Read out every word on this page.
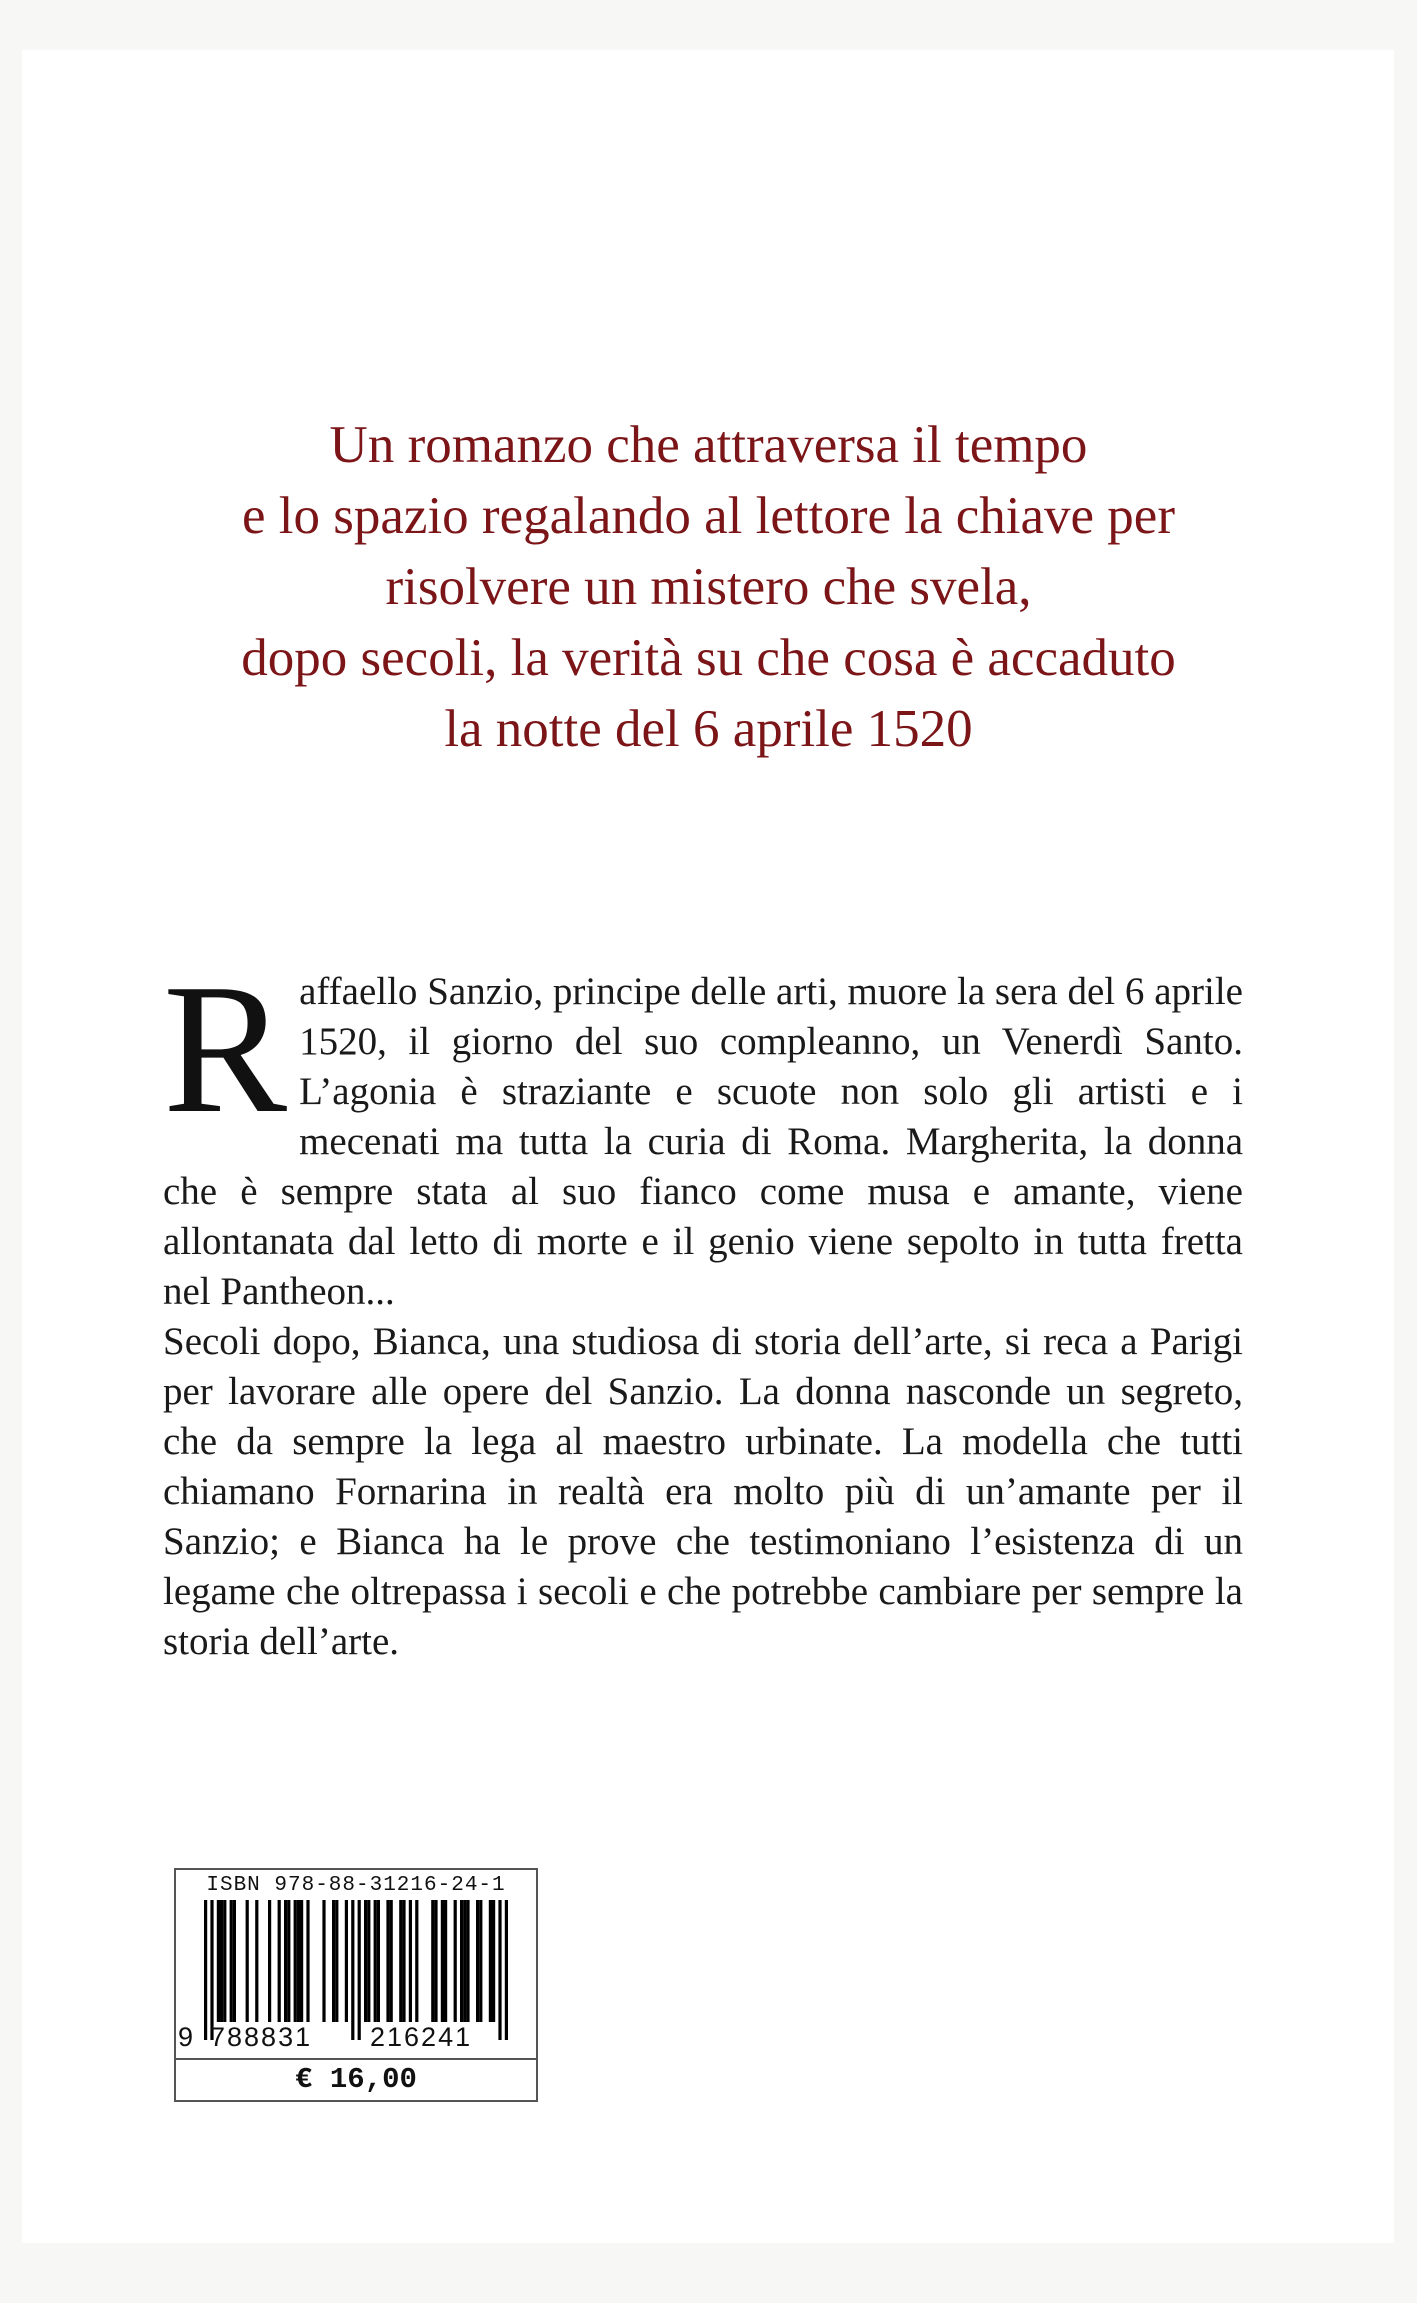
Un romanzo che attraversa il tempo
e lo spazio regalando al lettore la chiave per
risolvere un mistero che svela,
dopo secoli, la verità su che cosa è accaduto
la notte del 6 aprile 1520

Raffaello Sanzio, principe delle arti, muore la sera del 6 aprile 1520, il giorno del suo compleanno, un Venerdì Santo. L’agonia è straziante e scuote non solo gli artisti e i mecenati ma tutta la curia di Roma. Margherita, la donna che è sempre stata al suo fianco come musa e amante, viene allontanata dal letto di morte e il genio viene sepolto in tutta fretta nel Pantheon...

Secoli dopo, Bianca, una studiosa di storia dell’arte, si reca a Parigi per lavorare alle opere del Sanzio. La donna nasconde un segreto, che da sempre la lega al maestro urbinate. La modella che tutti chiamano Fornarina in realtà era molto più di un’amante per il Sanzio; e Bianca ha le prove che testimoniano l’esistenza di un legame che oltrepassa i secoli e che potrebbe cambiare per sempre la storia dell’arte.

ISBN 978-88-31216-24-1
9 788831 216241
€ 16,00
